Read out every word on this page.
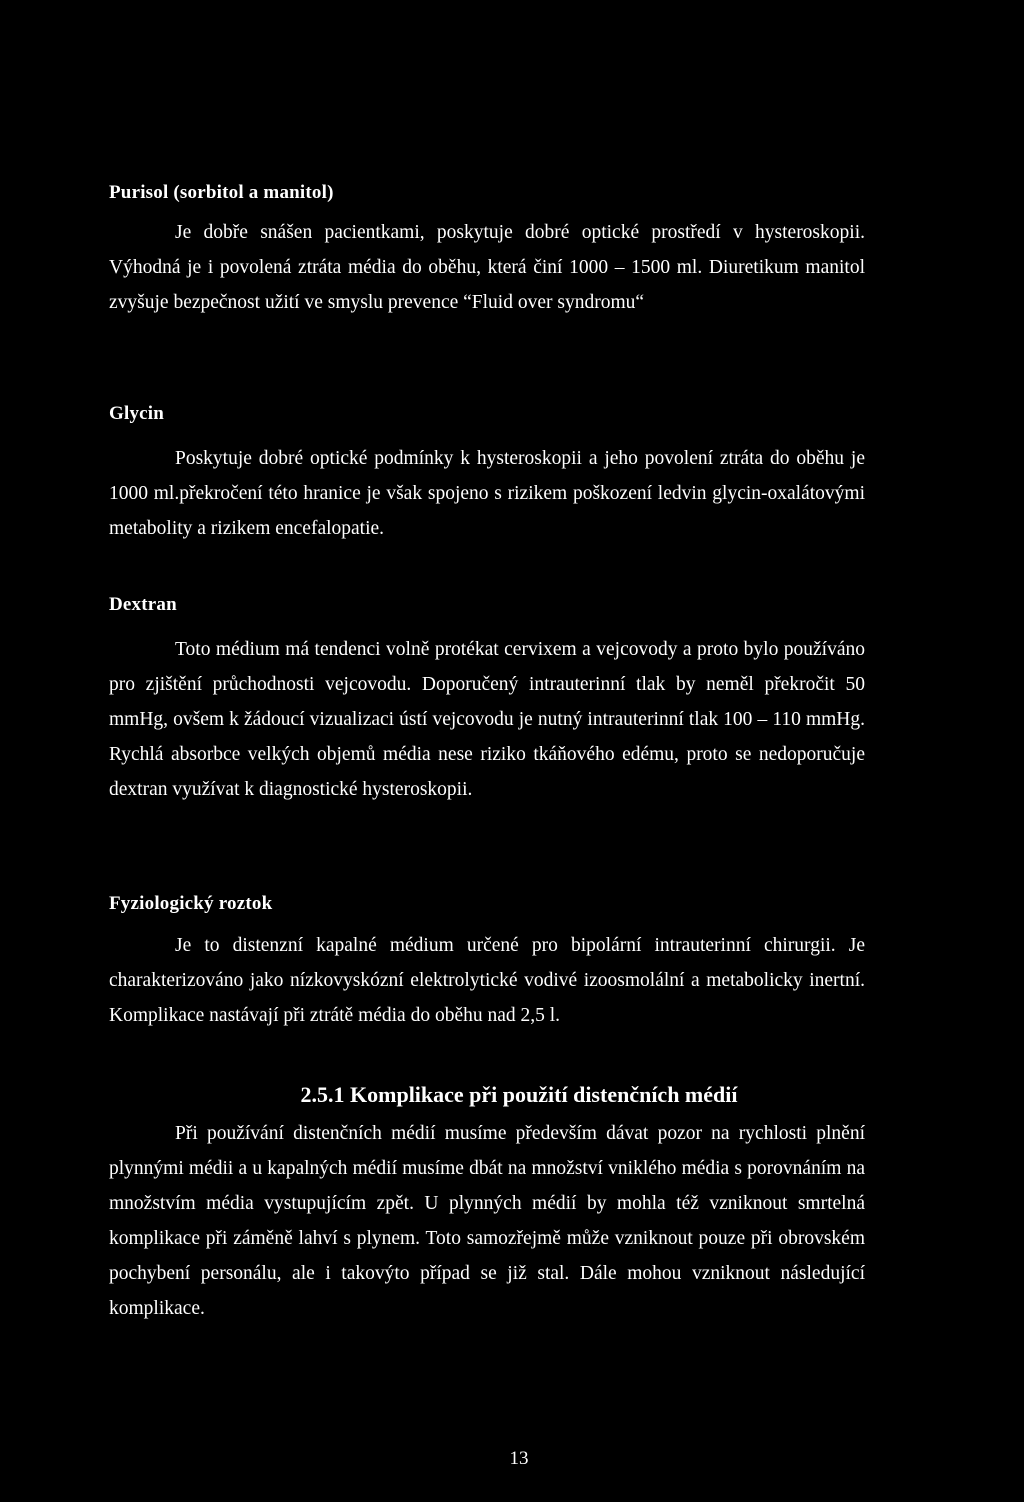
Purisol (sorbitol a manitol)

Je dobře snášen pacientkami, poskytuje dobré optické prostředí v hysteroskopii. Výhodná je i povolená ztráta média do oběhu, která činí 1000 – 1500 ml. Diuretikum manitol zvyšuje bezpečnost užití ve smyslu prevence “Fluid over syndromu“

Glycin

Poskytuje dobré optické podmínky k hysteroskopii a jeho povolení ztráta do oběhu je 1000 ml.překročení této hranice je však spojeno s rizikem poškození ledvin glycin-oxalátovými metabolity a rizikem encefalopatie.

Dextran

Toto médium má tendenci volně protékat cervixem a vejcovody a proto bylo používáno pro zjištění průchodnosti vejcovodu. Doporučený intrauterinní tlak by neměl překročit 50 mmHg, ovšem k žádoucí vizualizaci ústí vejcovodu je nutný intrauterinní tlak 100 – 110 mmHg. Rychlá absorbce velkých objemů média nese riziko tkáňového edému, proto se nedoporučuje dextran využívat k diagnostické hysteroskopii.

Fyziologický roztok

Je to distenzní kapalné médium určené pro bipolární intrauterinní chirurgii. Je charakterizováno jako nízkovyskózní elektrolytické vodivé izoosmolální a metabolicky inertní. Komplikace nastávají při ztrátě média do oběhu nad 2,5 l.

2.5.1 Komplikace při použití distenčních médií

Při používání distenčních médií musíme především dávat pozor na rychlosti plnění plynnými médii a u kapalných médií musíme dbát na množství vniklého média s porovnáním na množstvím média vystupujícím zpět. U plynných médií by mohla též vzniknout smrtelná komplikace při záměně lahví s plynem. Toto samozřejmě může vzniknout pouze při obrovském pochybení personálu, ale i takovýto případ se již stal. Dále mohou vzniknout následující komplikace.

13
